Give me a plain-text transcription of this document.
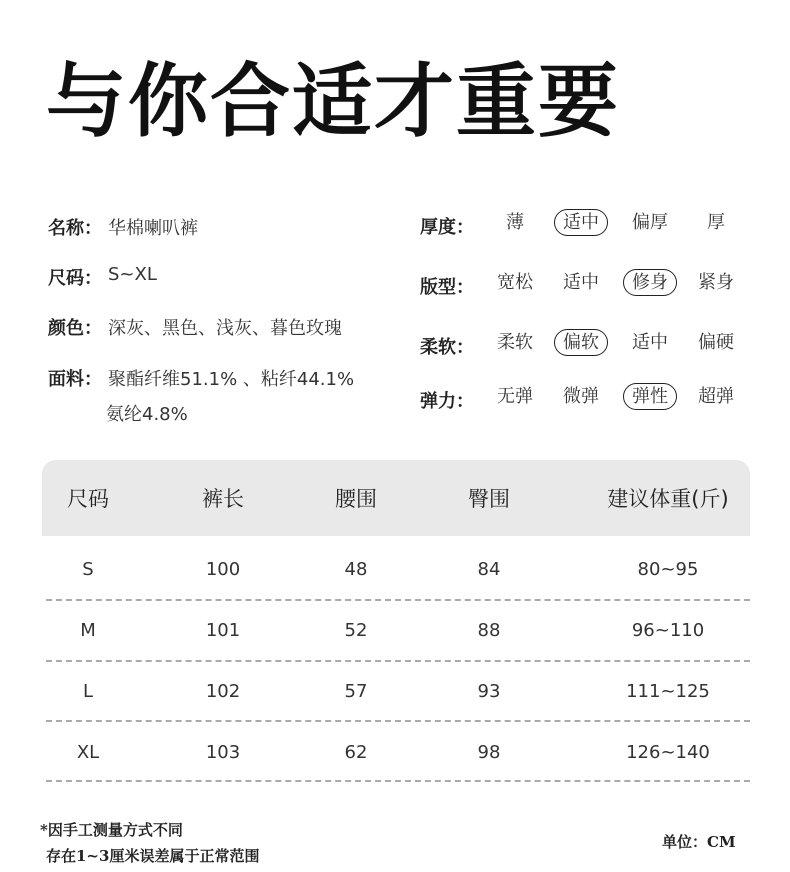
与你合适才重要
名称： 华棉喇叭裤
尺码： S~XL
颜色： 深灰、黑色、浅灰、暮色玫瑰
面料： 聚酯纤维51.1% 、粘纤44.1%
氨纶4.8%
厚度：	薄	适中	偏厚	厚
版型：	宽松	适中	修身	紧身
柔软：	柔软	偏软	适中	偏硬
弹力：	无弹	微弹	弹性	超弹
尺码	裤长	腰围	臀围	建议体重(斤)
S	100	48	84	80~95
M	101	52	88	96~110
L	102	57	93	111~125
XL	103	62	98	126~140
*因手工测量方式不同
存在1~3厘米误差属于正常范围
单位：CM
